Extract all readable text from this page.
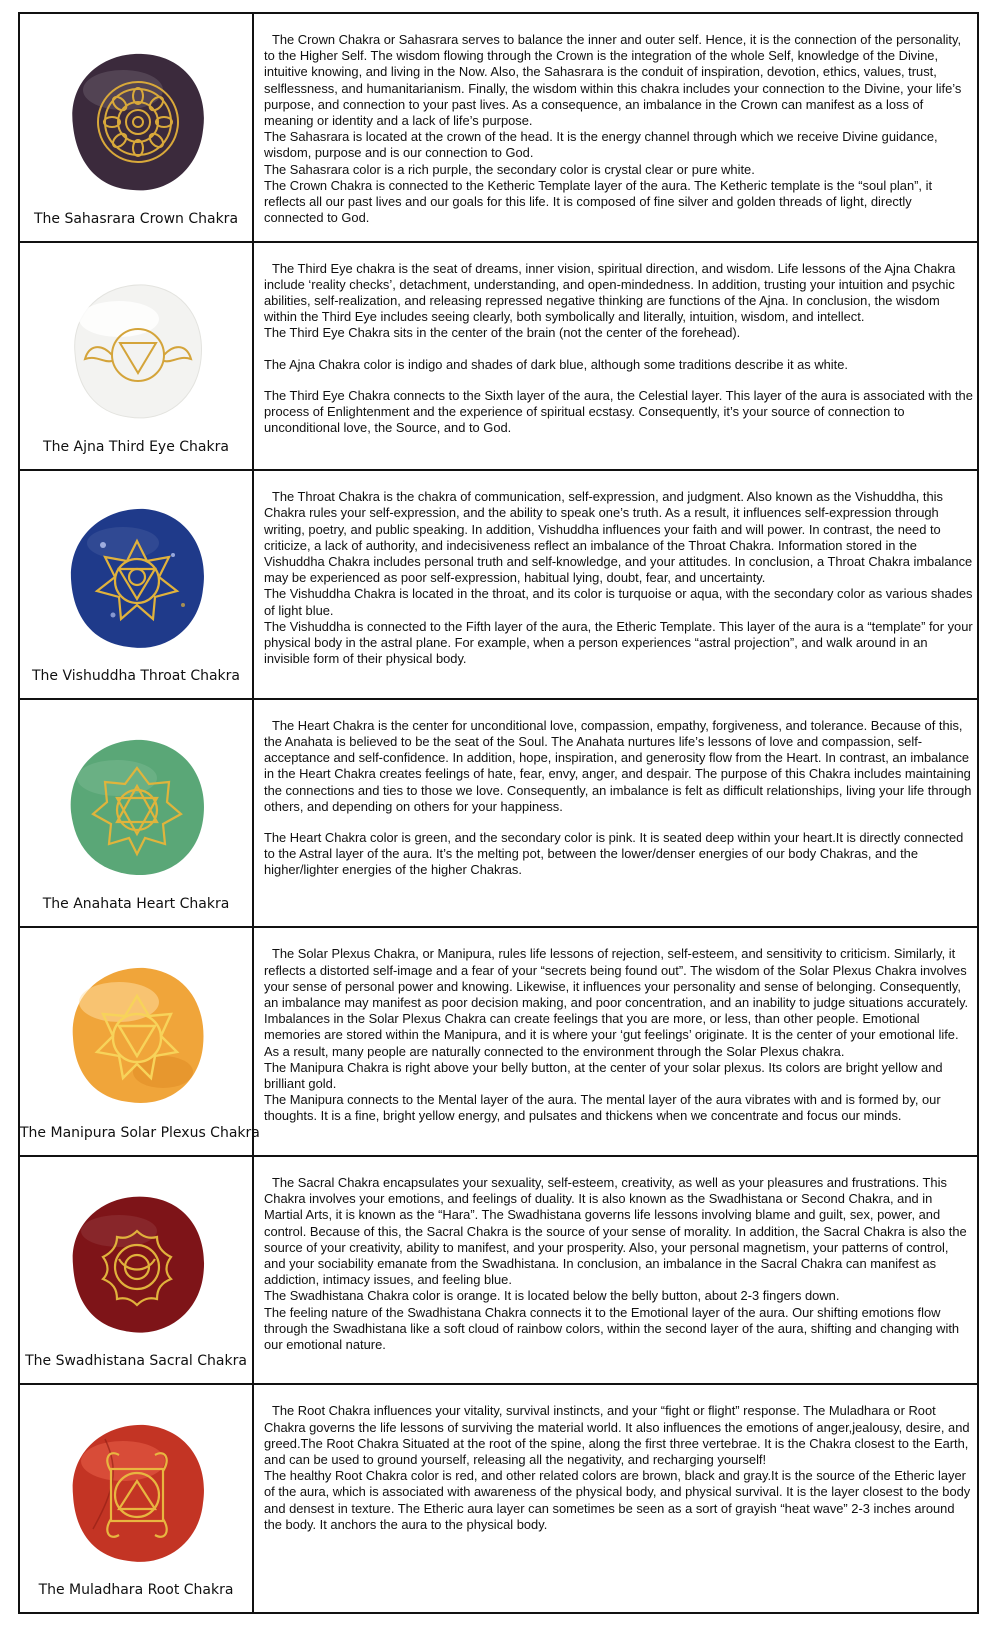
The Sahasrara Crown Chakra

The Crown Chakra or Sahasrara serves to balance the inner and outer self. Hence, it is the connection of the personality, to the Higher Self. The wisdom flowing through the Crown is the integration of the whole Self, knowledge of the Divine, intuitive knowing, and living in the Now. Also, the Sahasrara is the conduit of inspiration, devotion, ethics, values, trust, selflessness, and humanitarianism. Finally, the wisdom within this chakra includes your connection to the Divine, your life’s purpose, and connection to your past lives. As a consequence, an imbalance in the Crown can manifest as a loss of meaning or identity and a lack of life’s purpose.

The Sahasrara is located at the crown of the head. It is the energy channel through which we receive Divine guidance, wisdom, purpose and is our connection to God.

The Sahasrara color is a rich purple, the secondary color is crystal clear or pure white.

The Crown Chakra is connected to the Ketheric Template layer of the aura. The Ketheric template is the “soul plan”, it reflects all our past lives and our goals for this life. It is composed of fine silver and golden threads of light, directly connected to God.

The Ajna Third Eye Chakra

The Third Eye chakra is the seat of dreams, inner vision, spiritual direction, and wisdom. Life lessons of the Ajna Chakra include ‘reality checks’, detachment, understanding, and open-mindedness. In addition, trusting your intuition and psychic abilities, self-realization, and releasing repressed negative thinking are functions of the Ajna. In conclusion, the wisdom within the Third Eye includes seeing clearly, both symbolically and literally, intuition, wisdom, and intellect.

The Third Eye Chakra sits in the center of the brain (not the center of the forehead).

The Ajna Chakra color is indigo and shades of dark blue, although some traditions describe it as white.

The Third Eye Chakra connects to the Sixth layer of the aura, the Celestial layer. This layer of the aura is associated with the process of Enlightenment and the experience of spiritual ecstasy. Consequently, it’s your source of connection to unconditional love, the Source, and to God.

The Vishuddha Throat Chakra

The Throat Chakra is the chakra of communication, self-expression, and judgment. Also known as the Vishuddha, this Chakra rules your self-expression, and the ability to speak one’s truth. As a result, it influences self-expression through writing, poetry, and public speaking. In addition, Vishuddha influences your faith and will power. In contrast, the need to criticize, a lack of authority, and indecisiveness reflect an imbalance of the Throat Chakra. Information stored in the Vishuddha Chakra includes personal truth and self-knowledge, and your attitudes. In conclusion, a Throat Chakra imbalance may be experienced as poor self-expression, habitual lying, doubt, fear, and uncertainty.

The Vishuddha Chakra is located in the throat, and its color is turquoise or aqua, with the secondary color as various shades of light blue.

The Vishuddha is connected to the Fifth layer of the aura, the Etheric Template. This layer of the aura is a “template” for your physical body in the astral plane. For example, when a person experiences “astral projection”, and walk around in an invisible form of their physical body.

The Anahata Heart Chakra

The Heart Chakra is the center for unconditional love, compassion, empathy, forgiveness, and tolerance. Because of this, the Anahata is believed to be the seat of the Soul. The Anahata nurtures life’s lessons of love and compassion, self-acceptance and self-confidence. In addition, hope, inspiration, and generosity flow from the Heart. In contrast, an imbalance in the Heart Chakra creates feelings of hate, fear, envy, anger, and despair. The purpose of this Chakra includes maintaining the connections and ties to those we love. Consequently, an imbalance is felt as difficult relationships, living your life through others, and depending on others for your happiness.

The Heart Chakra color is green, and the secondary color is pink. It is seated deep within your heart.It is directly connected to the Astral layer of the aura. It’s the melting pot, between the lower/denser energies of our body Chakras, and the higher/lighter energies of the higher Chakras.

The Manipura Solar Plexus Chakra

The Solar Plexus Chakra, or Manipura, rules life lessons of rejection, self-esteem, and sensitivity to criticism. Similarly, it reflects a distorted self-image and a fear of your “secrets being found out”. The wisdom of the Solar Plexus Chakra involves your sense of personal power and knowing. Likewise, it influences your personality and sense of belonging. Consequently, an imbalance may manifest as poor decision making, and poor concentration, and an inability to judge situations accurately. Imbalances in the Solar Plexus Chakra can create feelings that you are more, or less, than other people. Emotional memories are stored within the Manipura, and it is where your ‘gut feelings’ originate. It is the center of your emotional life. As a result, many people are naturally connected to the environment through the Solar Plexus chakra.

The Manipura Chakra is right above your belly button, at the center of your solar plexus. Its colors are bright yellow and brilliant gold.

The Manipura connects to the Mental layer of the aura. The mental layer of the aura vibrates with and is formed by, our thoughts. It is a fine, bright yellow energy, and pulsates and thickens when we concentrate and focus our minds.

The Swadhistana Sacral Chakra

The Sacral Chakra encapsulates your sexuality, self-esteem, creativity, as well as your pleasures and frustrations. This Chakra involves your emotions, and feelings of duality. It is also known as the Swadhistana or Second Chakra, and in Martial Arts, it is known as the “Hara”. The Swadhistana governs life lessons involving blame and guilt, sex, power, and control. Because of this, the Sacral Chakra is the source of your sense of morality. In addition, the Sacral Chakra is also the source of your creativity, ability to manifest, and your prosperity. Also, your personal magnetism, your patterns of control, and your sociability emanate from the Swadhistana. In conclusion, an imbalance in the Sacral Chakra can manifest as addiction, intimacy issues, and feeling blue.

The Swadhistana Chakra color is orange. It is located below the belly button, about 2-3 fingers down.

The feeling nature of the Swadhistana Chakra connects it to the Emotional layer of the aura. Our shifting emotions flow through the Swadhistana like a soft cloud of rainbow colors, within the second layer of the aura, shifting and changing with our emotional nature.

The Muladhara Root Chakra

The Root Chakra influences your vitality, survival instincts, and your “fight or flight” response. The Muladhara or Root Chakra governs the life lessons of surviving the material world. It also influences the emotions of anger,jealousy, desire, and greed.The Root Chakra Situated at the root of the spine, along the first three vertebrae. It is the Chakra closest to the Earth, and can be used to ground yourself, releasing all the negativity, and recharging yourself!

The healthy Root Chakra color is red, and other related colors are brown, black and gray.It is the source of the Etheric layer of the aura, which is associated with awareness of the physical body, and physical survival. It is the layer closest to the body and densest in texture. The Etheric aura layer can sometimes be seen as a sort of grayish “heat wave” 2-3 inches around the body. It anchors the aura to the physical body.
